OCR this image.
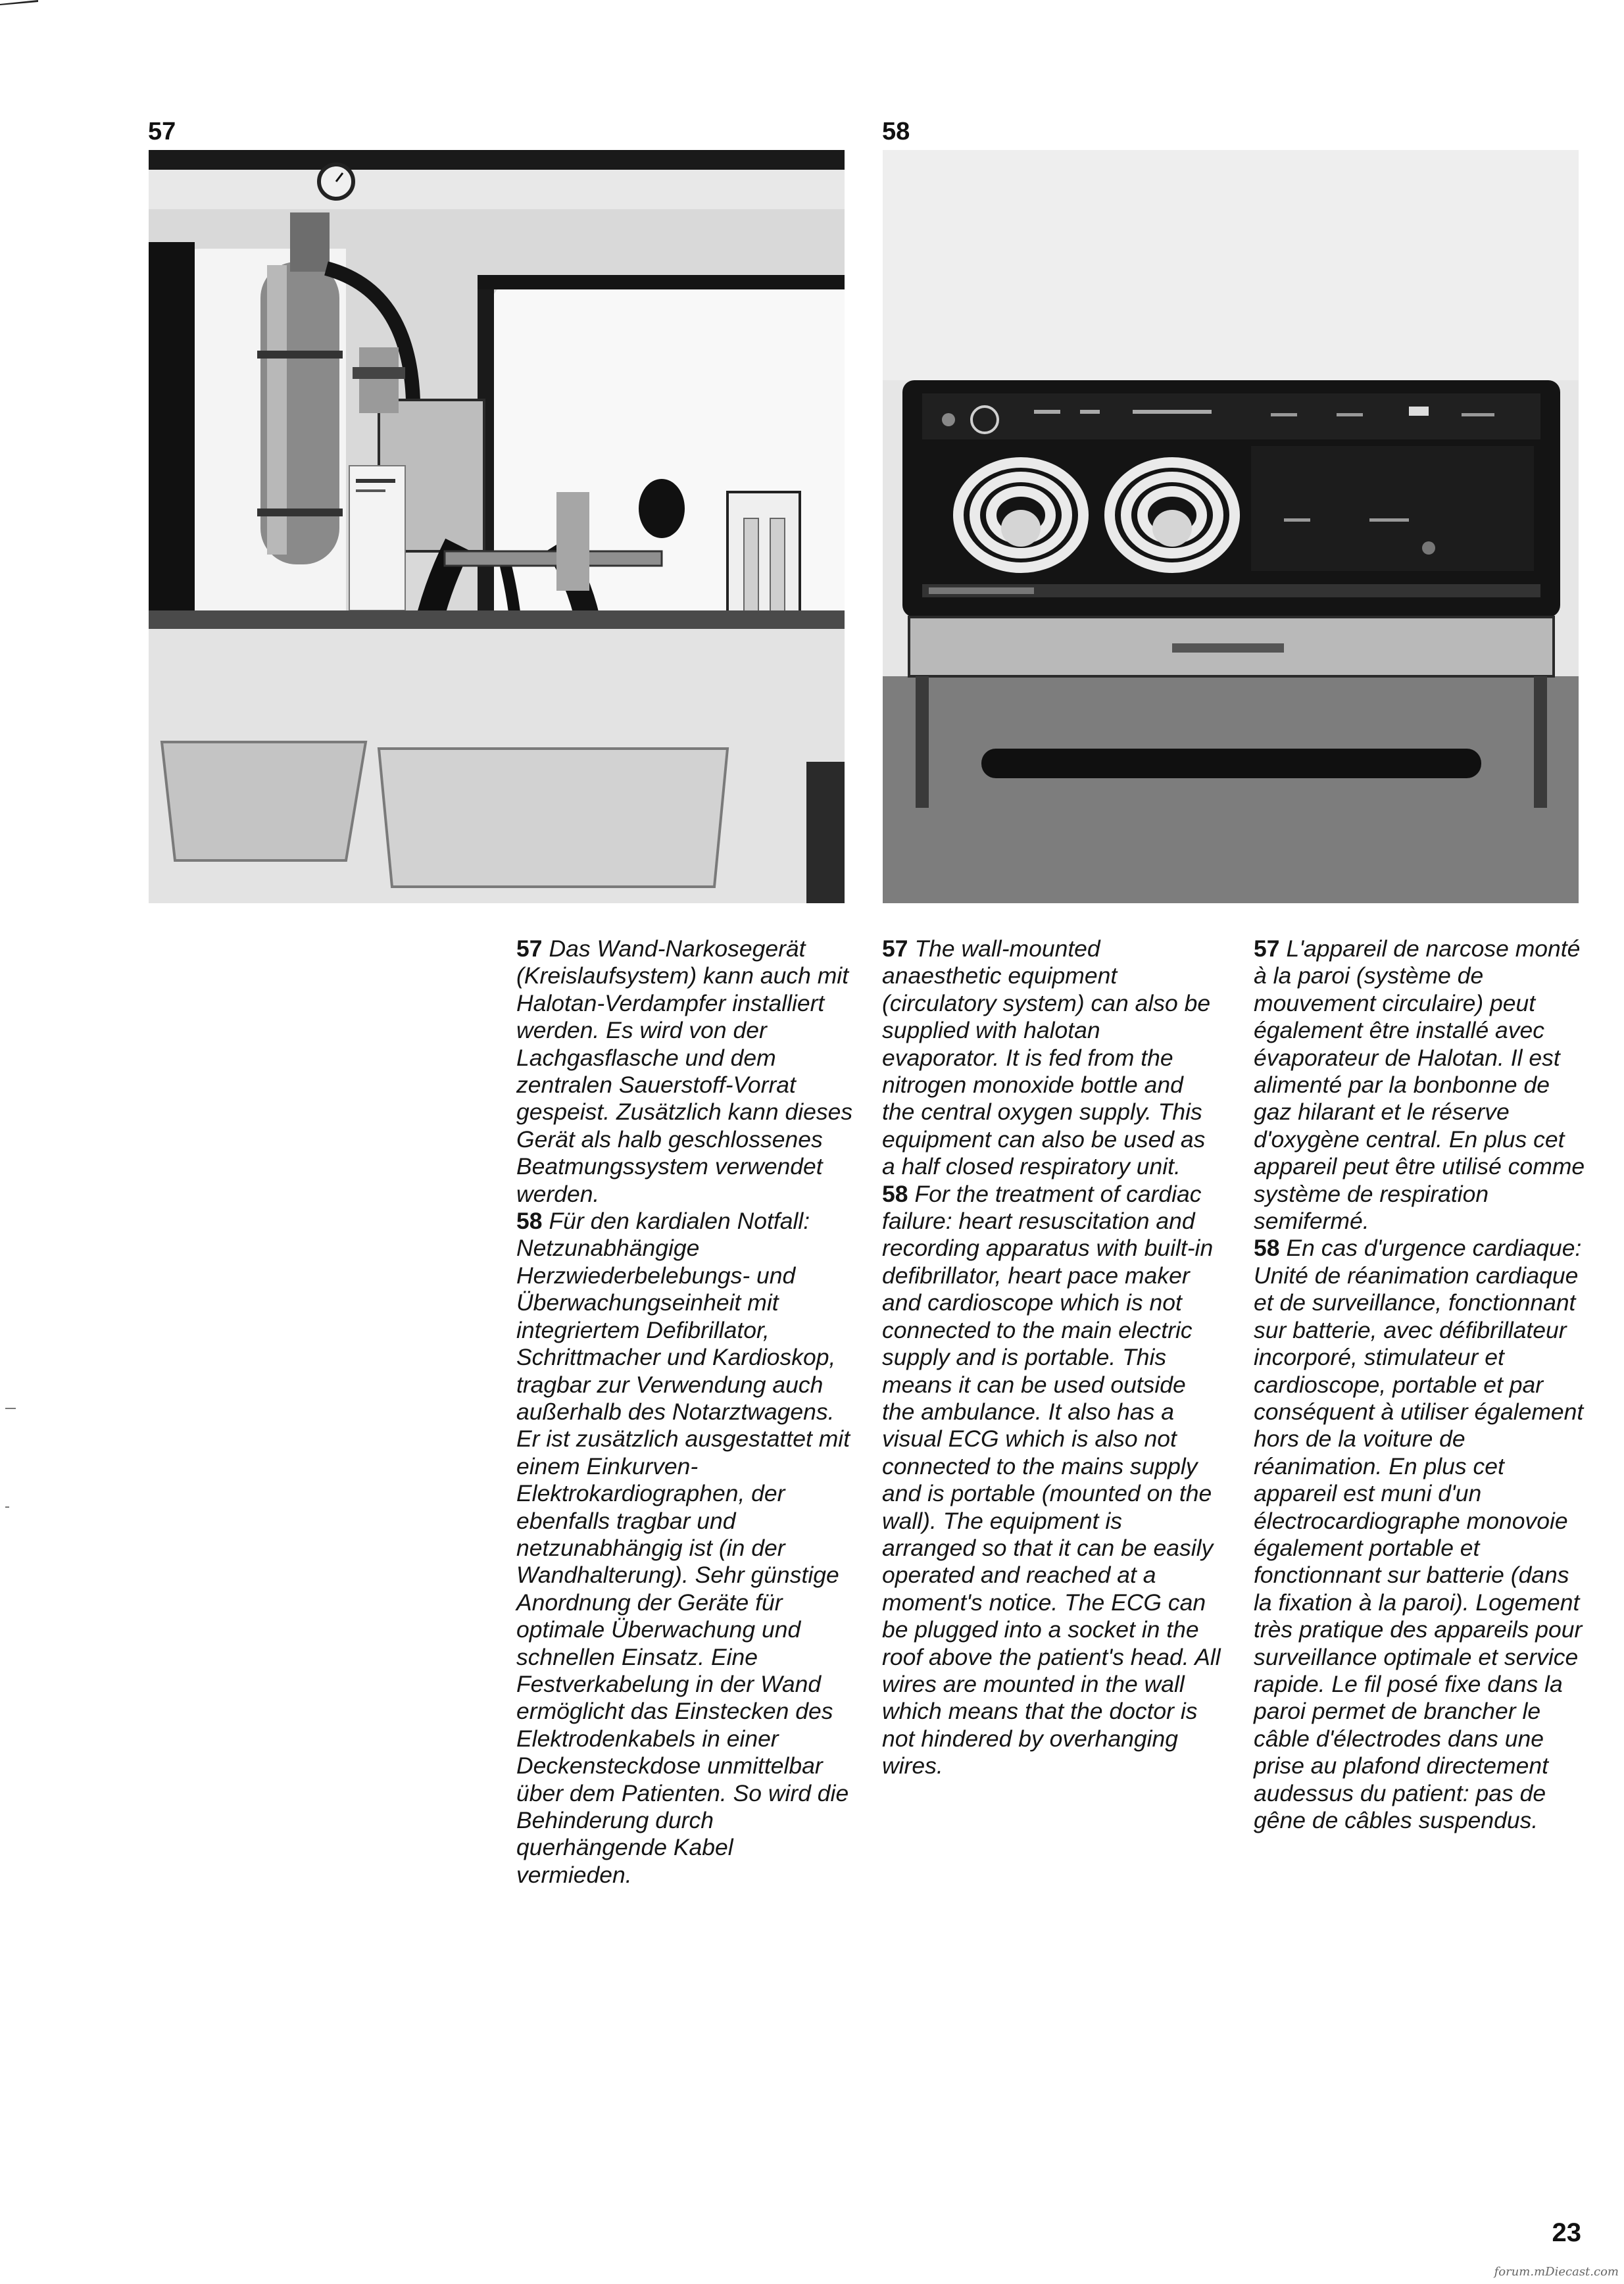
57	58

57 Das Wand-Narkosegerät (Kreislaufsystem) kann auch mit Halotan-Verdampfer installiert werden. Es wird von der Lachgasflasche und dem zentralen Sauerstoff-Vorrat gespeist. Zusätzlich kann dieses Gerät als halb geschlossenes Beatmungssystem verwendet werden.

58 Für den kardialen Notfall: Netzunabhängige Herzwiederbelebungs- und Überwachungseinheit mit integriertem Defibrillator, Schrittmacher und Kardioskop, tragbar zur Verwendung auch außerhalb des Notarztwagens. Er ist zusätzlich ausgestattet mit einem Einkurven-Elektrokardiographen, der ebenfalls tragbar und netzunabhängig ist (in der Wandhalterung). Sehr günstige Anordnung der Geräte für optimale Überwachung und schnellen Einsatz. Eine Festverkabelung in der Wand ermöglicht das Einstecken des Elektrodenkabels in einer Deckensteckdose unmittelbar über dem Patienten. So wird die Behinderung durch querhängende Kabel vermieden.

57 The wall-mounted anaesthetic equipment (circulatory system) can also be supplied with halotan evaporator. It is fed from the nitrogen monoxide bottle and the central oxygen supply. This equipment can also be used as a half closed respiratory unit.

58 For the treatment of cardiac failure: heart resuscitation and recording apparatus with built-in defibrillator, heart pace maker and cardioscope which is not connected to the main electric supply and is portable. This means it can be used outside the ambulance. It also has a visual ECG which is also not connected to the mains supply and is portable (mounted on the wall). The equipment is arranged so that it can be easily operated and reached at a moment's notice. The ECG can be plugged into a socket in the roof above the patient's head. All wires are mounted in the wall which means that the doctor is not hindered by overhanging wires.

57 L'appareil de narcose monté à la paroi (système de mouvement circulaire) peut également être installé avec évaporateur de Halotan. Il est alimenté par la bonbonne de gaz hilarant et le réserve d'oxygène central. En plus cet appareil peut être utilisé comme système de respiration semifermé.

58 En cas d'urgence cardiaque: Unité de réanimation cardiaque et de surveillance, fonctionnant sur batterie, avec défibrillateur incorporé, stimulateur et cardioscope, portable et par conséquent à utiliser également hors de la voiture de réanimation. En plus cet appareil est muni d'un électrocardiographe monovoie également portable et fonctionnant sur batterie (dans la fixation à la paroi). Logement très pratique des appareils pour surveillance optimale et service rapide. Le fil posé fixe dans la paroi permet de brancher le câble d'électrodes dans une prise au plafond directement audessus du patient: pas de gêne de câbles suspendus.

23
forum.mDiecast.com
